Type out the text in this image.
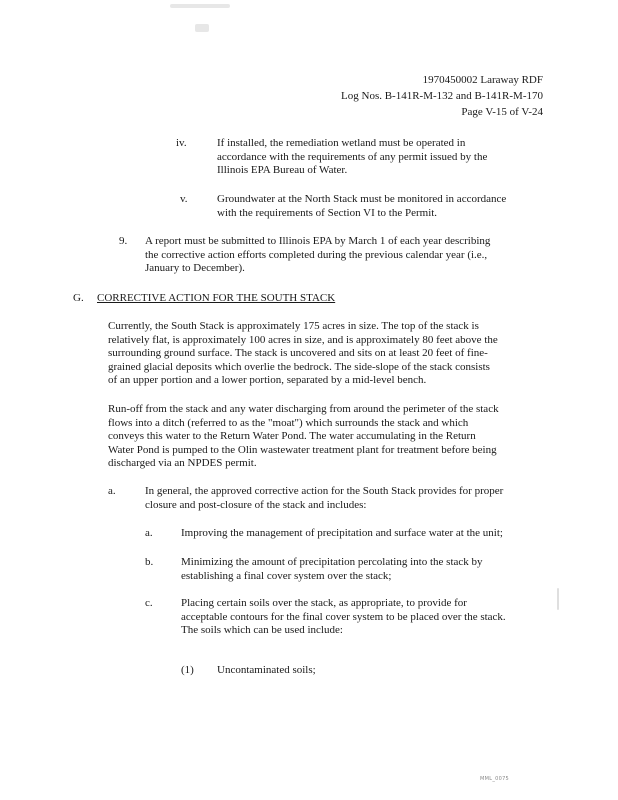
1970450002 Laraway RDF
Log Nos. B-141R-M-132 and B-141R-M-170
Page V-15 of V-24
iv.	If installed, the remediation wetland must be operated in
accordance with the requirements of any permit issued by the
Illinois EPA Bureau of Water.
v.	Groundwater at the North Stack must be monitored in accordance
with the requirements of Section VI to the Permit.
9. A report must be submitted to Illinois EPA by March 1 of each year describing
the corrective action efforts completed during the previous calendar year (i.e.,
January to December).
G. CORRECTIVE ACTION FOR THE SOUTH STACK
Currently, the South Stack is approximately 175 acres in size. The top of the stack is
relatively flat, is approximately 100 acres in size, and is approximately 80 feet above the
surrounding ground surface. The stack is uncovered and sits on at least 20 feet of fine-
grained glacial deposits which overlie the bedrock. The side-slope of the stack consists
of an upper portion and a lower portion, separated by a mid-level bench.
Run-off from the stack and any water discharging from around the perimeter of the stack
flows into a ditch (referred to as the "moat") which surrounds the stack and which
conveys this water to the Return Water Pond. The water accumulating in the Return
Water Pond is pumped to the Olin wastewater treatment plant for treatment before being
discharged via an NPDES permit.
a.	In general, the approved corrective action for the South Stack provides for proper
closure and post-closure of the stack and includes:
a.	Improving the management of precipitation and surface water at the unit;
b.	Minimizing the amount of precipitation percolating into the stack by
establishing a final cover system over the stack;
c.	Placing certain soils over the stack, as appropriate, to provide for
acceptable contours for the final cover system to be placed over the stack.
The soils which can be used include:
(1) Uncontaminated soils;
MML_0075
